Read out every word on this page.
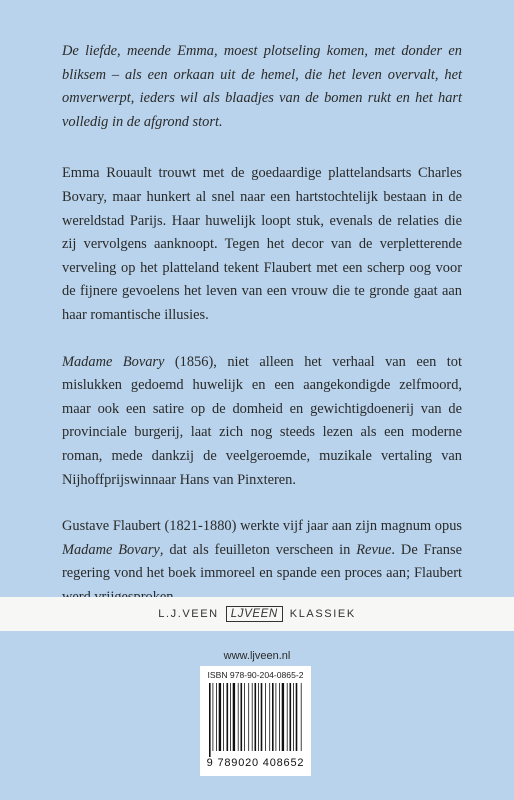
De liefde, meende Emma, moest plotseling komen, met donder en bliksem – als een orkaan uit de hemel, die het leven overvalt, het omverwerpt, ieders wil als blaadjes van de bomen rukt en het hart volledig in de afgrond stort.

Emma Rouault trouwt met de goedaardige plattelandsarts Charles Bovary, maar hunkert al snel naar een hartstochtelijk bestaan in de wereldstad Parijs. Haar huwelijk loopt stuk, evenals de relaties die zij vervolgens aanknoopt. Tegen het decor van de verpletterende verveling op het platteland tekent Flaubert met een scherp oog voor de fijnere gevoelens het leven van een vrouw die te gronde gaat aan haar romantische illusies.

Madame Bovary (1856), niet alleen het verhaal van een tot mislukken gedoemd huwelijk en een aangekondigde zelfmoord, maar ook een satire op de domheid en gewichtigdoenerij van de provinciale burgerij, laat zich nog steeds lezen als een moderne roman, mede dankzij de veelgeroemde, muzikale vertaling van Nijhoffprijswinnaar Hans van Pinxteren.

Gustave Flaubert (1821-1880) werkte vijf jaar aan zijn magnum opus Madame Bovary, dat als feuilleton verscheen in Revue. De Franse regering vond het boek immoreel en spande een proces aan; Flaubert

L.J.VEEN	LJVEEN	KLASSIEK
www.ljveen.nl
ISBN 978-90-204-0865-2
9 789020 408652
